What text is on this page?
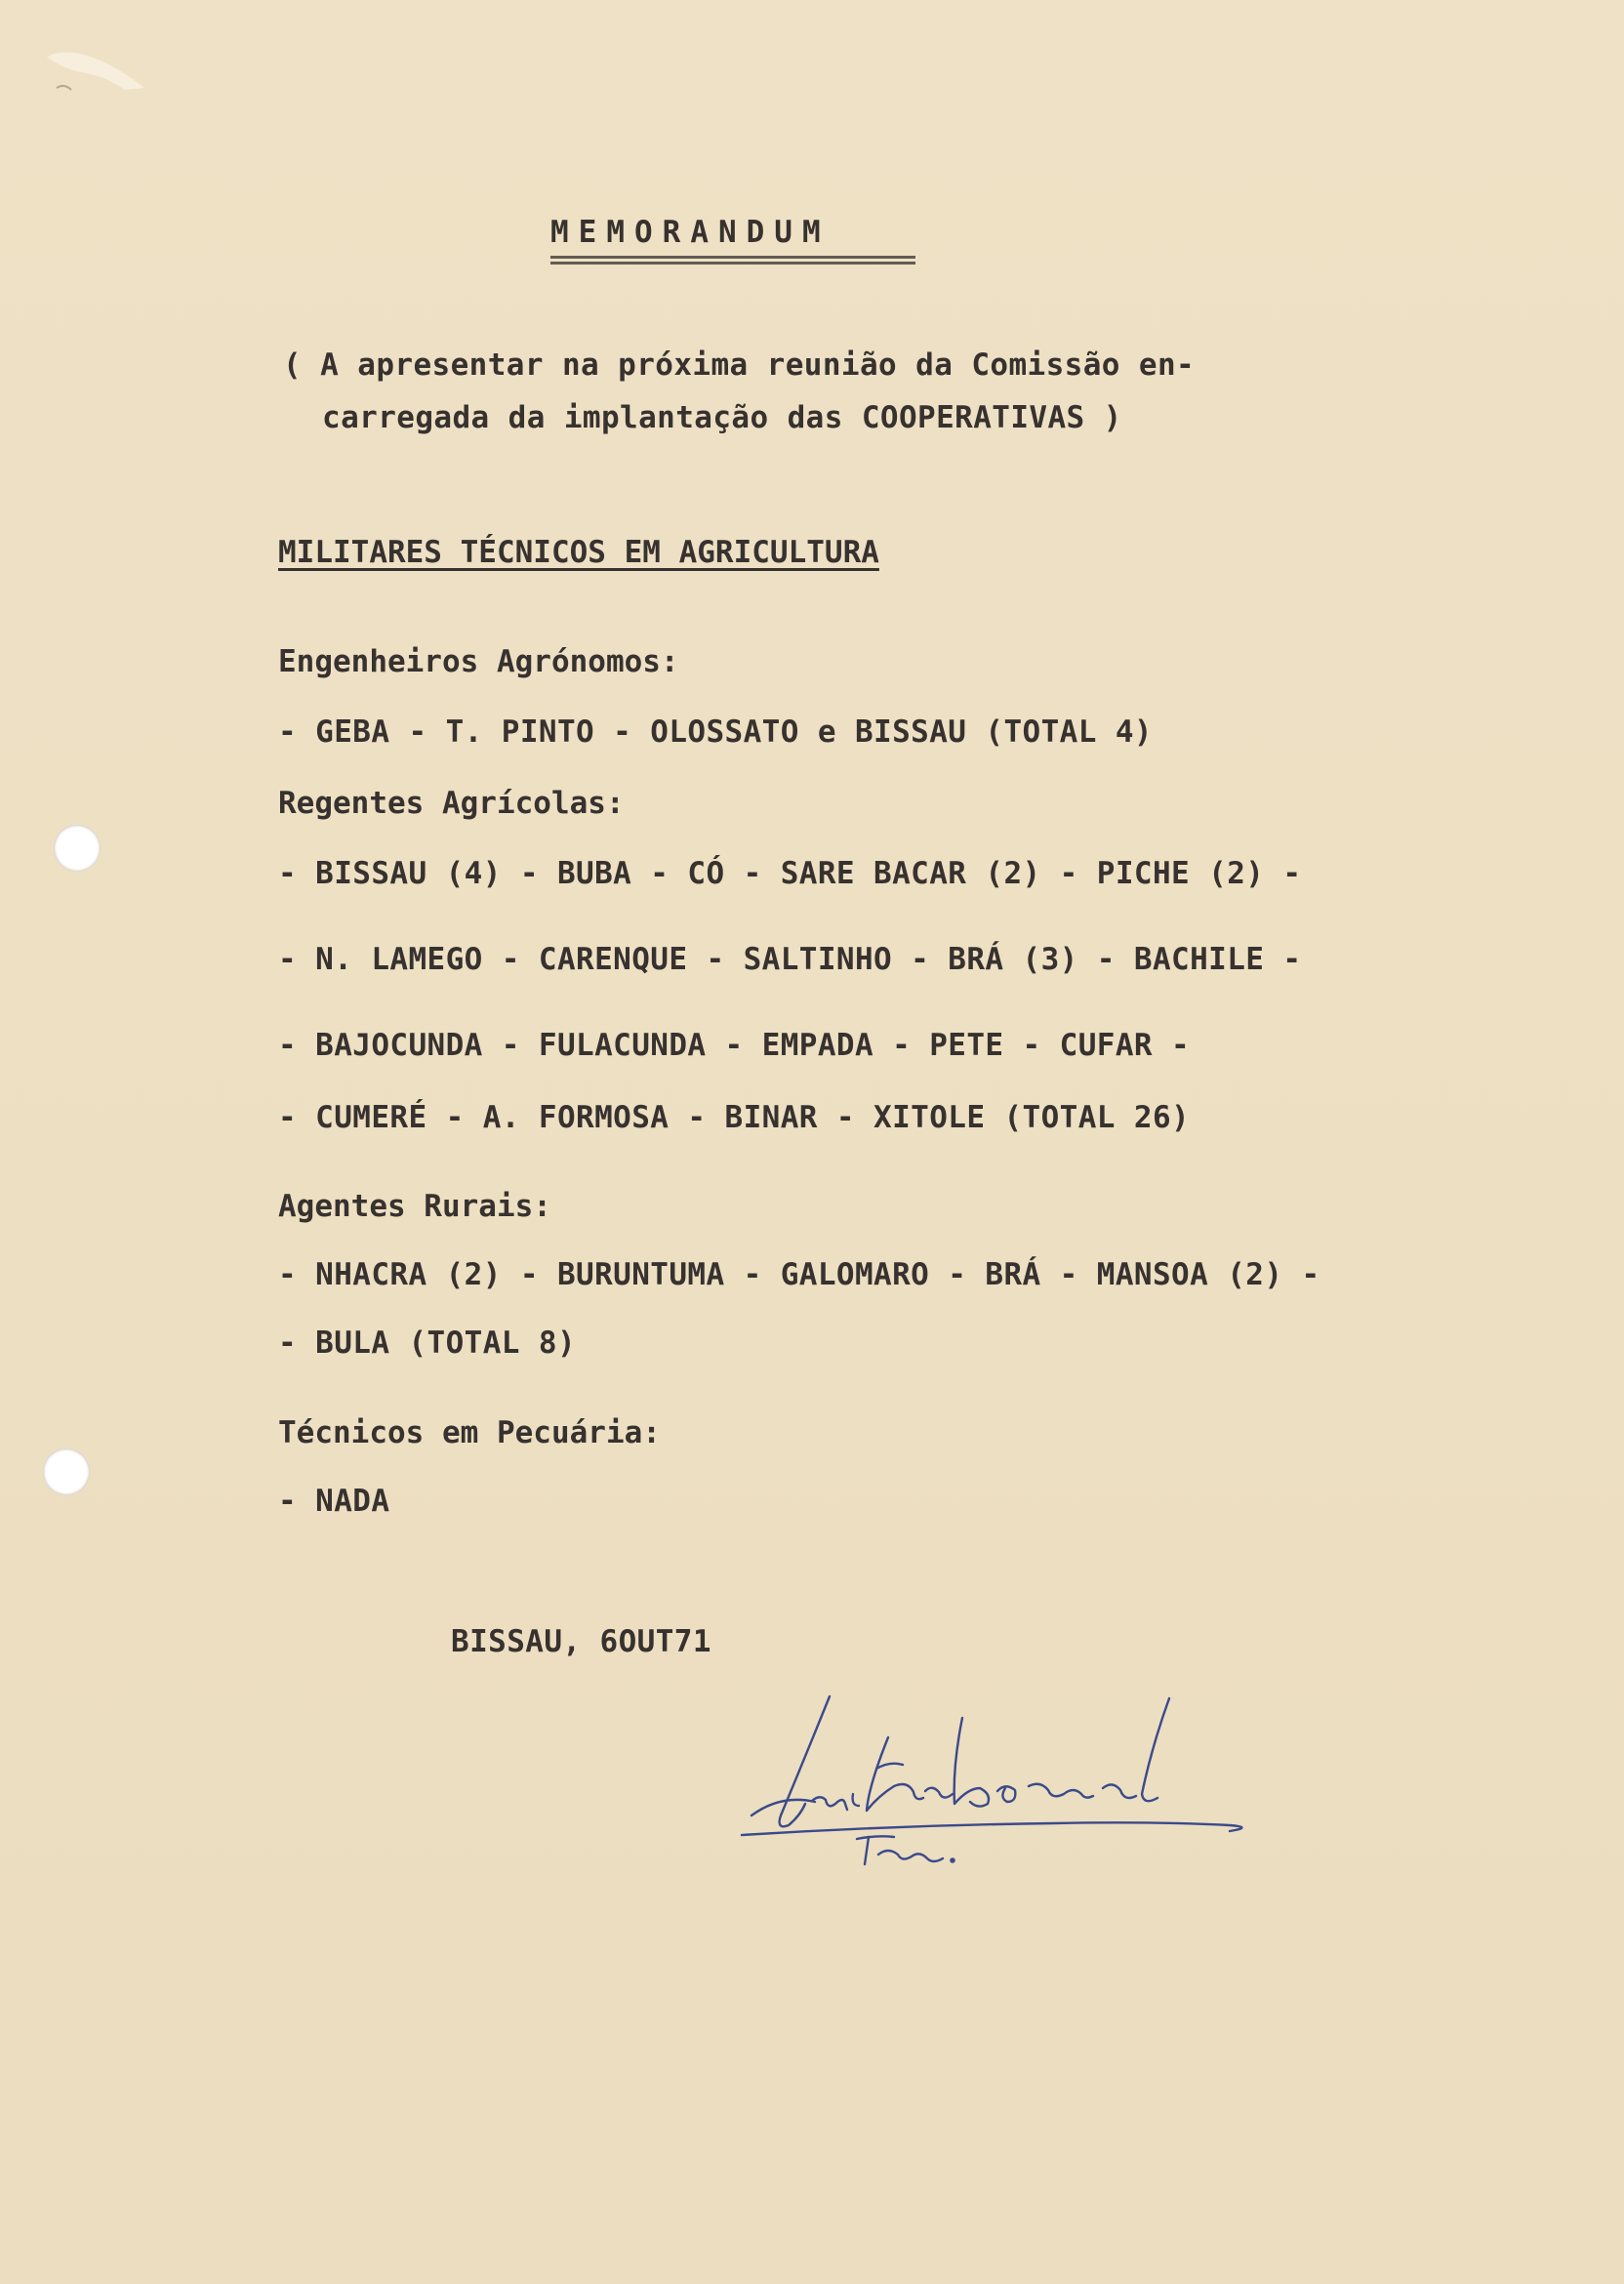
MEMORANDUM
( A apresentar na próxima reunião da Comissão en-
carregada da implantação das COOPERATIVAS )
MILITARES TÉCNICOS EM AGRICULTURA
Engenheiros Agrónomos:
- GEBA - T. PINTO - OLOSSATO e BISSAU (TOTAL 4)
Regentes Agrícolas:
- BISSAU (4) - BUBA - CÓ - SARE BACAR (2) - PICHE (2) -
- N. LAMEGO - CARENQUE - SALTINHO - BRÁ (3) - BACHILE -
- BAJOCUNDA - FULACUNDA - EMPADA - PETE - CUFAR -
- CUMERÉ - A. FORMOSA - BINAR - XITOLE (TOTAL 26)
Agentes Rurais:
- NHACRA (2) - BURUNTUMA - GALOMARO - BRÁ - MANSOA (2) -
- BULA (TOTAL 8)
Técnicos em Pecuária:
- NADA
BISSAU, 6OUT71
